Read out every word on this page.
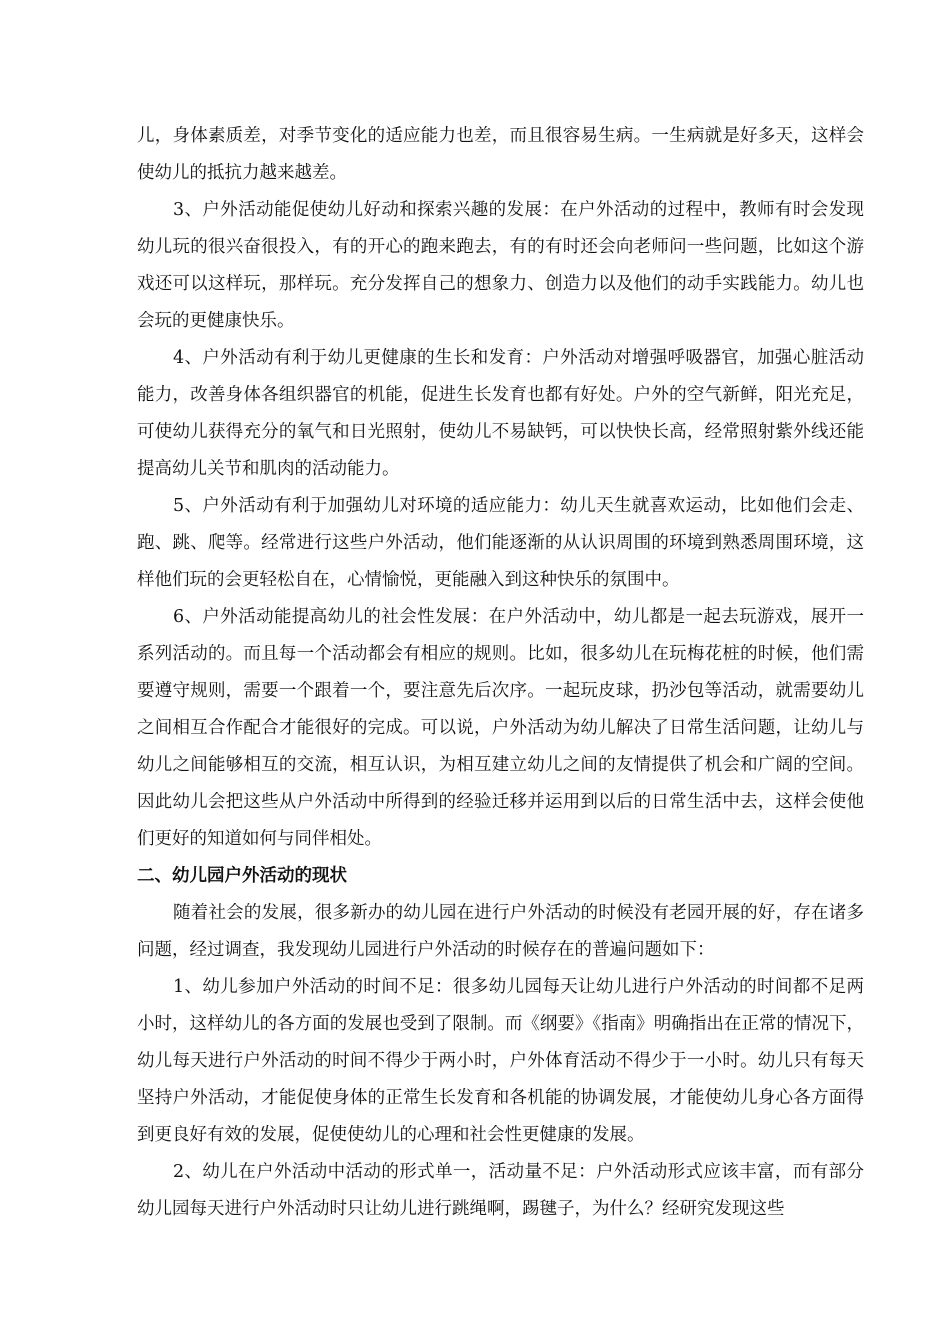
儿，身体素质差，对季节变化的适应能力也差，而且很容易生病。一生病就是好多天，这样会使幼儿的抵抗力越来越差。

3、户外活动能促使幼儿好动和探索兴趣的发展：在户外活动的过程中，教师有时会发现幼儿玩的很兴奋很投入，有的开心的跑来跑去，有的有时还会向老师问一些问题，比如这个游戏还可以这样玩，那样玩。充分发挥自己的想象力、创造力以及他们的动手实践能力。幼儿也会玩的更健康快乐。

4、户外活动有利于幼儿更健康的生长和发育：户外活动对增强呼吸器官，加强心脏活动能力，改善身体各组织器官的机能，促进生长发育也都有好处。户外的空气新鲜，阳光充足，可使幼儿获得充分的氧气和日光照射，使幼儿不易缺钙，可以快快长高，经常照射紫外线还能提高幼儿关节和肌肉的活动能力。

5、户外活动有利于加强幼儿对环境的适应能力：幼儿天生就喜欢运动，比如他们会走、跑、跳、爬等。经常进行这些户外活动，他们能逐渐的从认识周围的环境到熟悉周围环境，这样他们玩的会更轻松自在，心情愉悦，更能融入到这种快乐的氛围中。

6、户外活动能提高幼儿的社会性发展：在户外活动中，幼儿都是一起去玩游戏，展开一系列活动的。而且每一个活动都会有相应的规则。比如，很多幼儿在玩梅花桩的时候，他们需要遵守规则，需要一个跟着一个，要注意先后次序。一起玩皮球，扔沙包等活动，就需要幼儿之间相互合作配合才能很好的完成。可以说，户外活动为幼儿解决了日常生活问题，让幼儿与幼儿之间能够相互的交流，相互认识，为相互建立幼儿之间的友情提供了机会和广阔的空间。因此幼儿会把这些从户外活动中所得到的经验迁移并运用到以后的日常生活中去，这样会使他们更好的知道如何与同伴相处。

二、幼儿园户外活动的现状

随着社会的发展，很多新办的幼儿园在进行户外活动的时候没有老园开展的好，存在诸多问题，经过调查，我发现幼儿园进行户外活动的时候存在的普遍问题如下：

1、幼儿参加户外活动的时间不足：很多幼儿园每天让幼儿进行户外活动的时间都不足两小时，这样幼儿的各方面的发展也受到了限制。而《纲要》《指南》明确指出在正常的情况下，幼儿每天进行户外活动的时间不得少于两小时，户外体育活动不得少于一小时。幼儿只有每天坚持户外活动，才能促使身体的正常生长发育和各机能的协调发展，才能使幼儿身心各方面得到更良好有效的发展，促使使幼儿的心理和社会性更健康的发展。

2、幼儿在户外活动中活动的形式单一，活动量不足：户外活动形式应该丰富，而有部分幼儿园每天进行户外活动时只让幼儿进行跳绳啊，踢毽子，为什么？经研究发现这些
